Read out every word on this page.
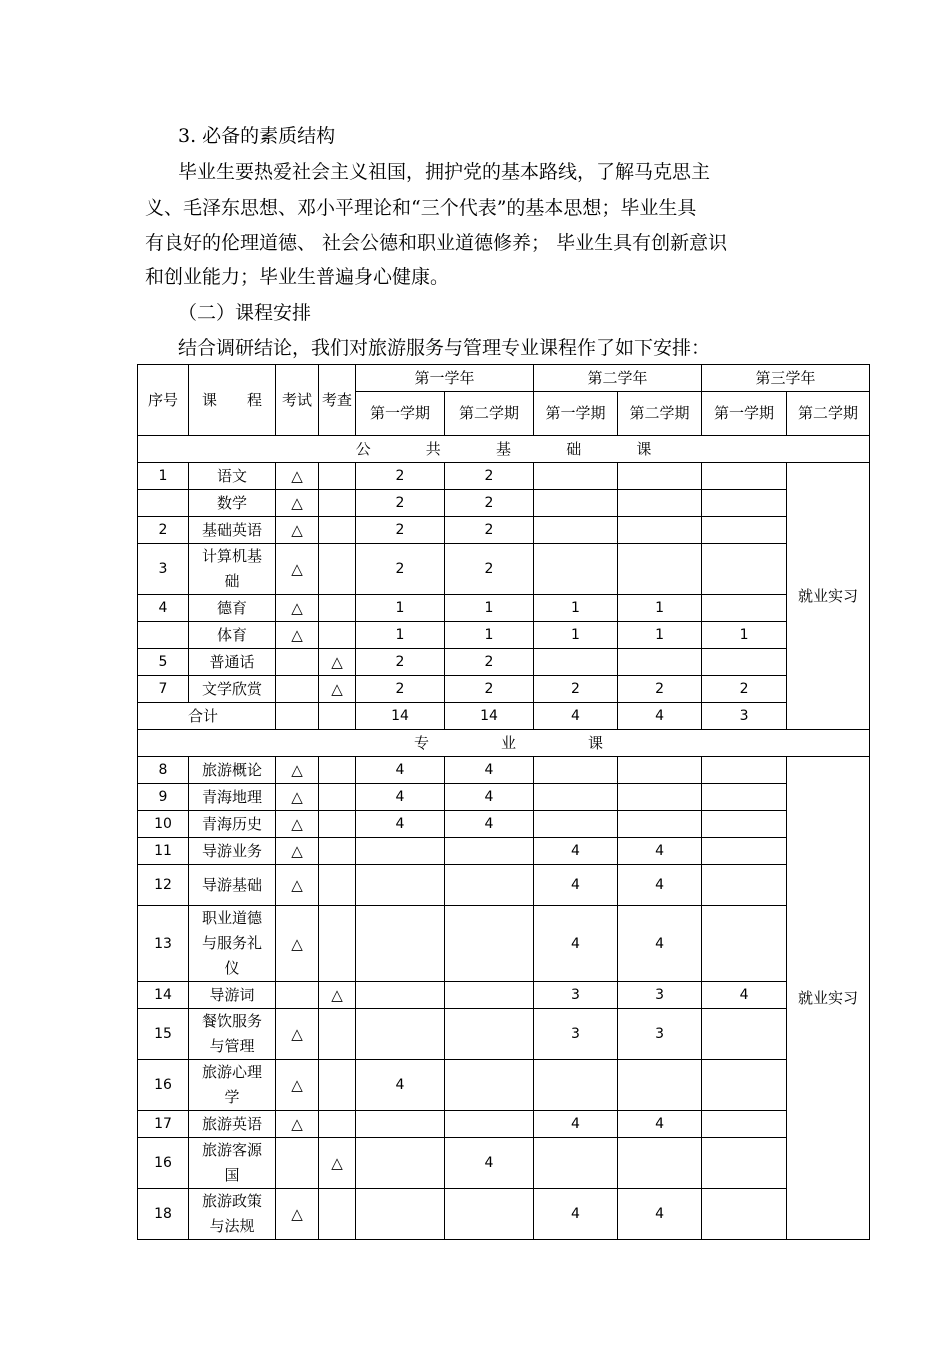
3. 必备的素质结构
毕业生要热爱社会主义祖国，拥护党的基本路线，了解马克思主
义、毛泽东思想、邓小平理论和“三个代表”的基本思想；毕业生具
有良好的伦理道德、 社会公德和职业道德修养； 毕业生具有创新意识
和创业能力；毕业生普遍身心健康。
（二）课程安排
结合调研结论，我们对旅游服务与管理专业课程作了如下安排：
序号	课　　程	考试	考查	第一学年		第二学年		第三学年	
				第一学期	第二学期	第一学期	第二学期	第一学期	第二学期

公 共 基 础 课									

1	语文	△		2	2				就业实习
	数学	△		2	2				
2	基础英语	△		2	2				
3	计算机基础	△		2	2				
4	德育	△		1	1	1	1		
	体育	△		1	1	1	1	1	
5	普通话		△	2	2				
7	文学欣赏		△	2	2	2	2	2	
合计				14	14	4	4	3	

专 业 课									

8	旅游概论	△		4	4				就业实习
9	青海地理	△		4	4				
10	青海历史	△		4	4				
11	导游业务	△				4	4		
12	导游基础	△				4	4		
13	职业道德与服务礼仪	△				4	4		
14	导游词		△			3	3	4	
15	餐饮服务与管理	△				3	3		
16	旅游心理学	△		4					
17	旅游英语	△				4	4		
16	旅游客源国		△		4				
18	旅游政策与法规	△				4	4		
